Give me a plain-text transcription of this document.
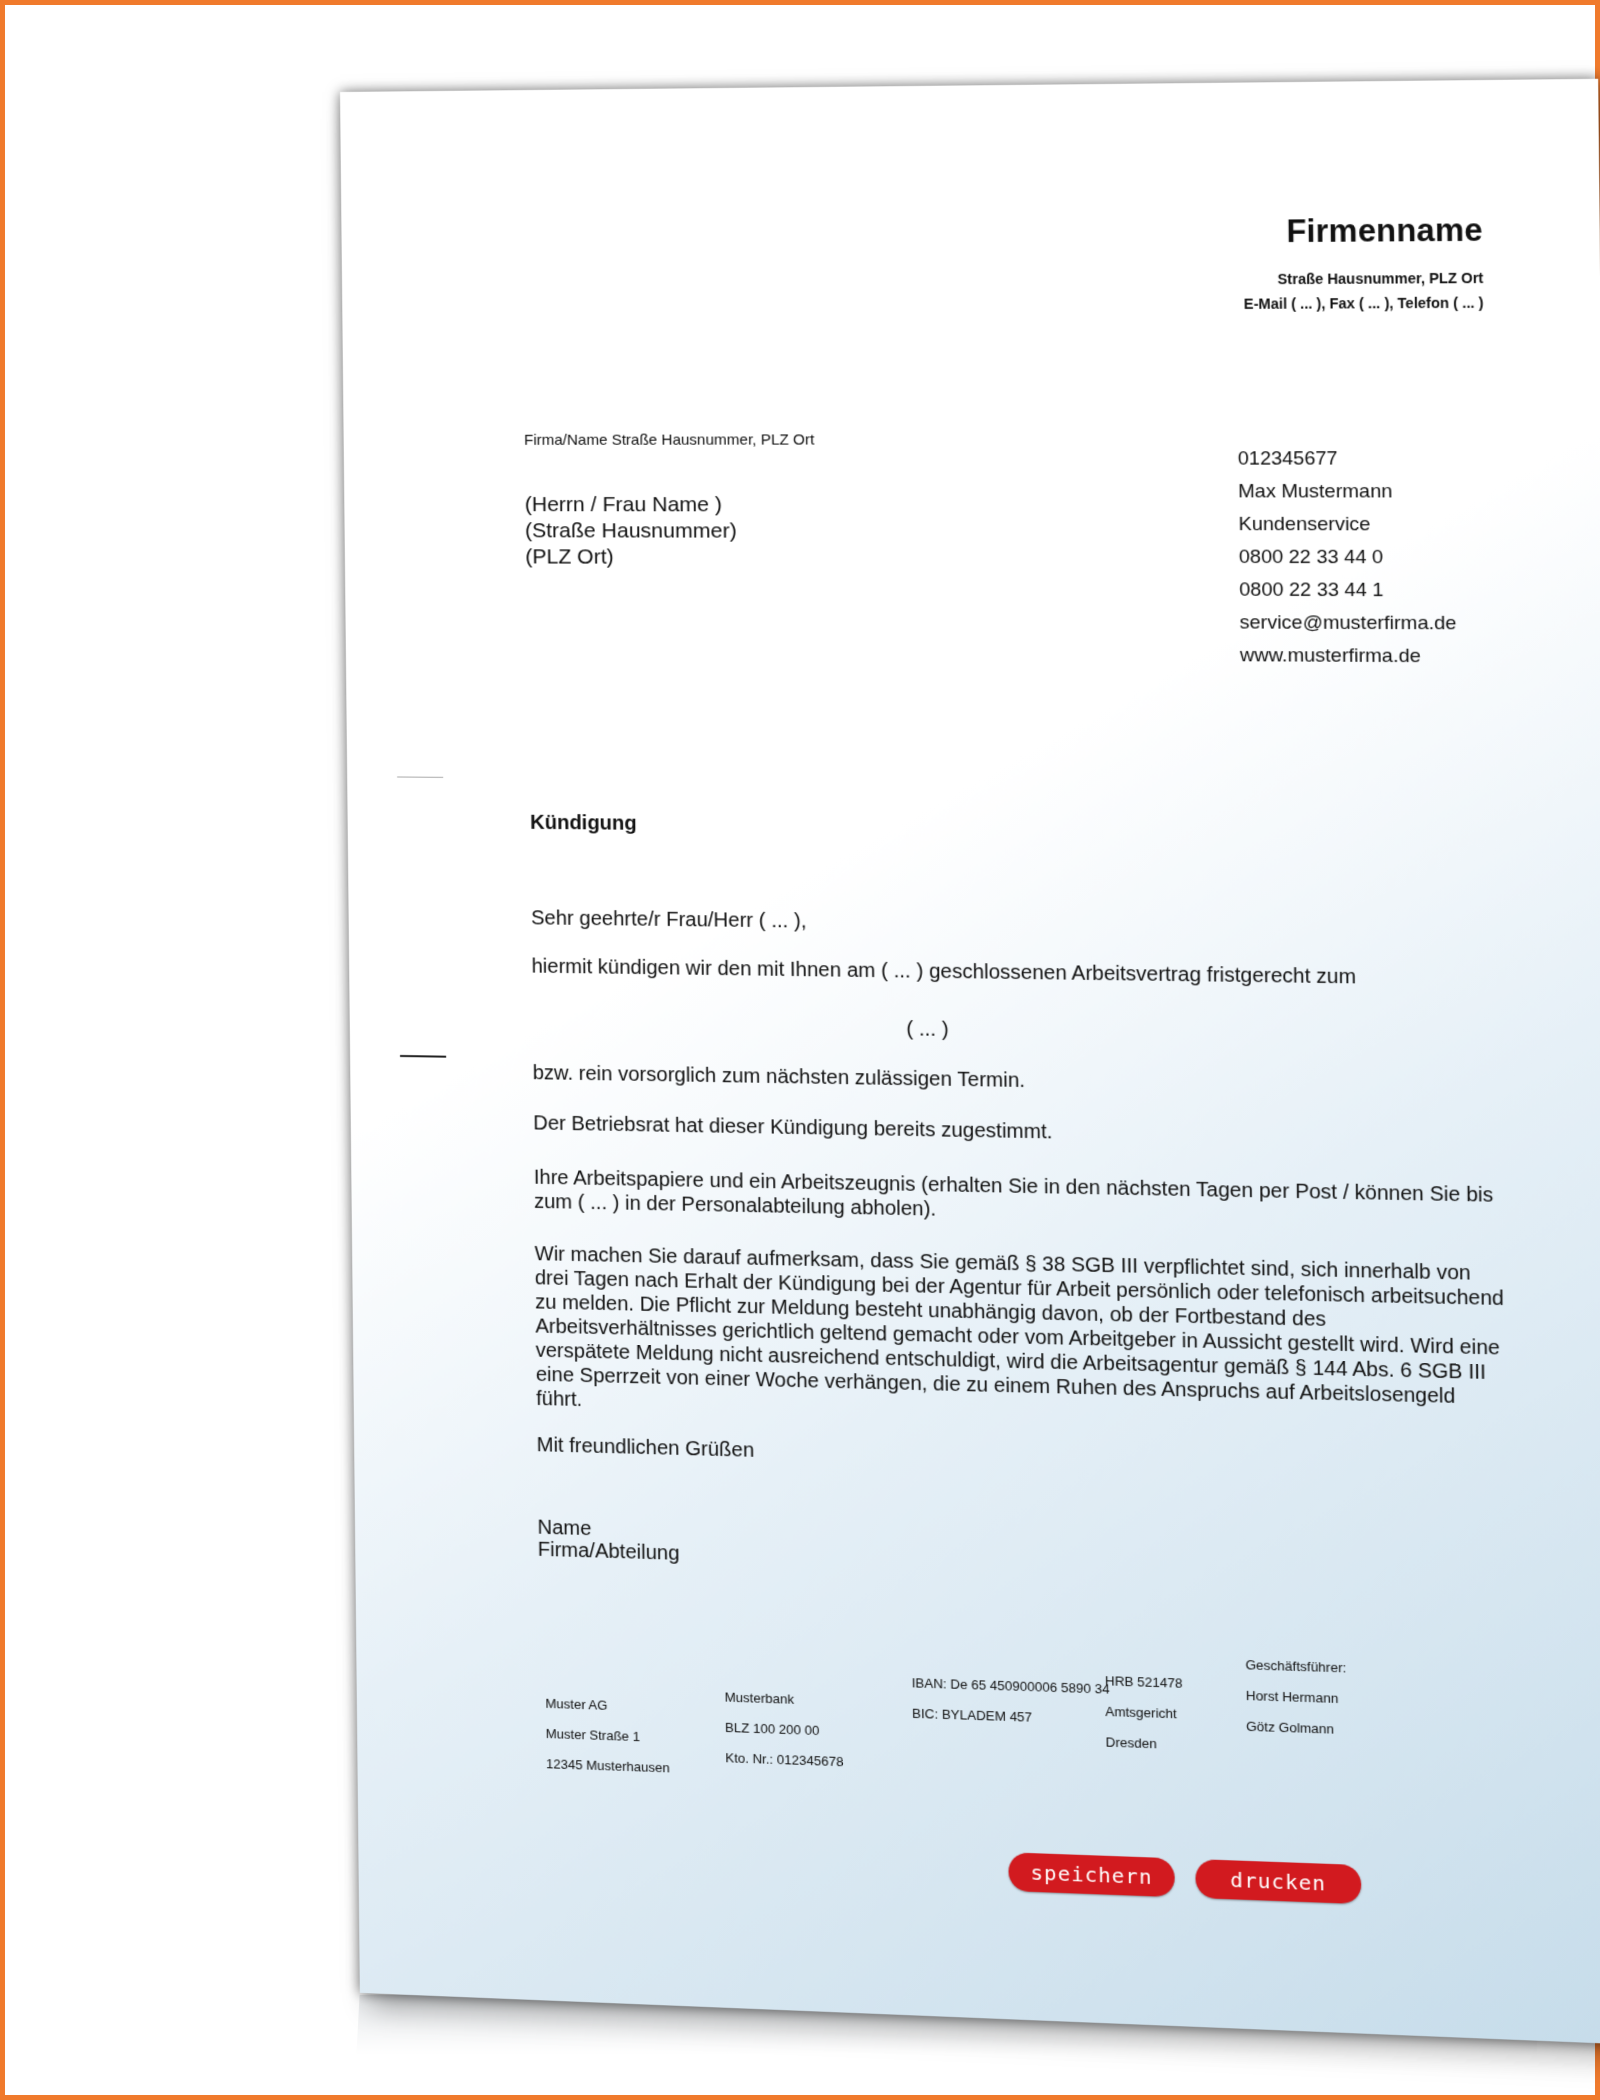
Firmenname
Straße Hausnummer, PLZ Ort
E-Mail ( ... ), Fax ( ... ), Telefon ( ... )
Firma/Name Straße Hausnummer, PLZ Ort
(Herrn / Frau Name )
(Straße Hausnummer)
(PLZ Ort)
012345677
Max Mustermann
Kundenservice
0800 22 33 44 0
0800 22 33 44 1
service@musterfirma.de
www.musterfirma.de
Kündigung
Sehr geehrte/r Frau/Herr ( ... ),
hiermit kündigen wir den mit Ihnen am ( ... ) geschlossenen Arbeitsvertrag fristgerecht zum
( ... )
bzw. rein vorsorglich zum nächsten zulässigen Termin.
Der Betriebsrat hat dieser Kündigung bereits zugestimmt.
Ihre Arbeitspapiere und ein Arbeitszeugnis (erhalten Sie in den nächsten Tagen per Post / können Sie bis zum ( ... ) in der Personalabteilung abholen).
Wir machen Sie darauf aufmerksam, dass Sie gemäß § 38 SGB III verpflichtet sind, sich innerhalb von drei Tagen nach Erhalt der Kündigung bei der Agentur für Arbeit persönlich oder telefonisch arbeitsuchend zu melden. Die Pflicht zur Meldung besteht unabhängig davon, ob der Fortbestand des Arbeitsverhältnisses gerichtlich geltend gemacht oder vom Arbeitgeber in Aussicht gestellt wird. Wird eine verspätete Meldung nicht ausreichend entschuldigt, wird die Arbeitsagentur gemäß § 144 Abs. 6 SGB III eine Sperrzeit von einer Woche verhängen, die zu einem Ruhen des Anspruchs auf Arbeitslosengeld führt.
Mit freundlichen Grüßen
Name
Firma/Abteilung
Muster AG
Muster Straße 1
12345 Musterhausen
Musterbank
BLZ 100 200 00
Kto. Nr.: 012345678
IBAN: De 65 450900006 5890 34
BIC: BYLADEM 457
HRB 521478
Amtsgericht
Dresden
Geschäftsführer:
Horst Hermann
Götz Golmann
speichern	drucken
